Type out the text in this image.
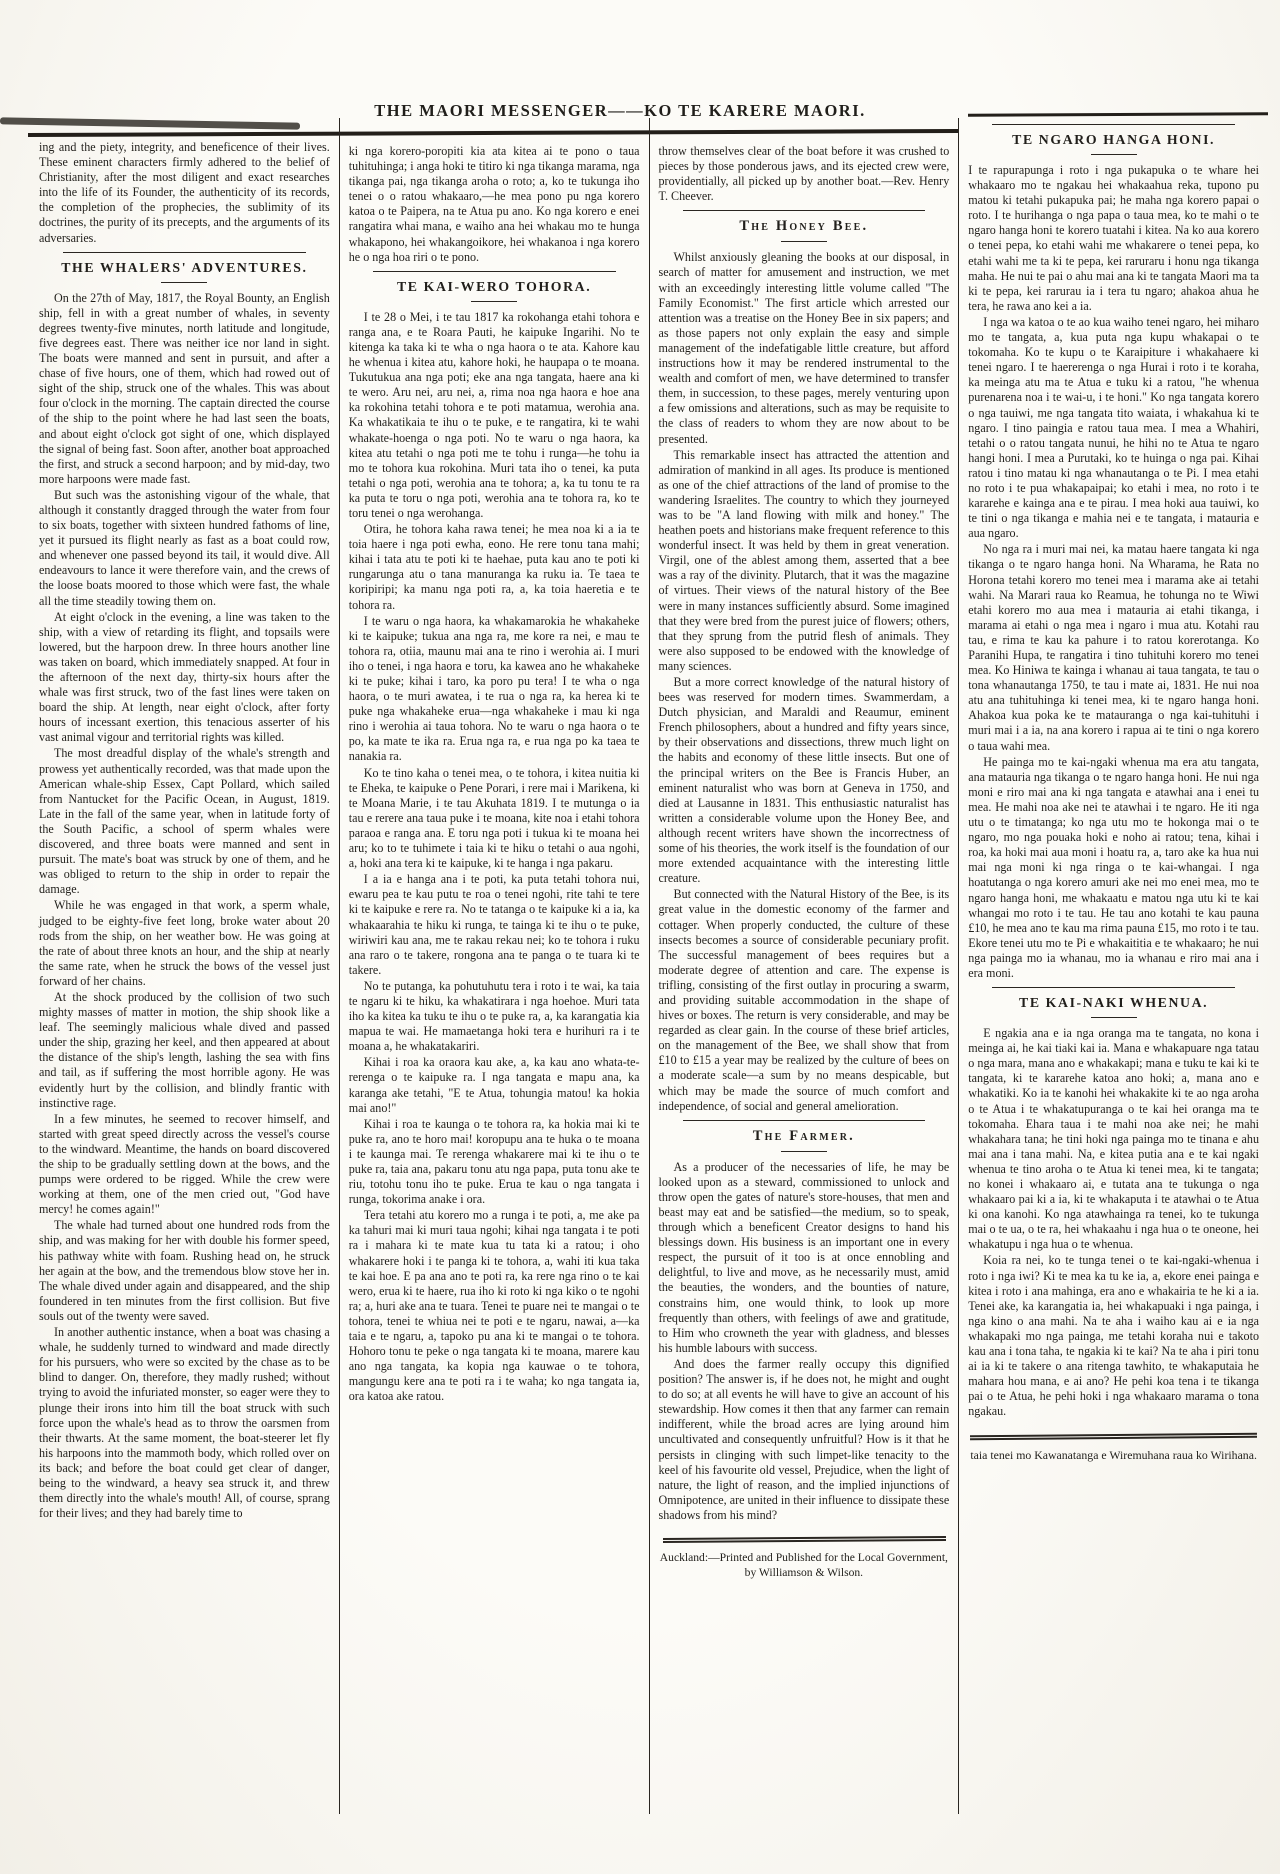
THE MAORI MESSENGER——KO TE KARERE MAORI.

ing and the piety, integrity, and beneficence of their lives. These eminent characters firmly adhered to the belief of Christianity, after the most diligent and exact researches into the life of its Founder, the authenticity of its records, the completion of the prophecies, the sublimity of its doctrines, the purity of its precepts, and the arguments of its adversaries.

THE WHALERS' ADVENTURES.

On the 27th of May, 1817, the Royal Bounty, an English ship, fell in with a great number of whales, in seventy degrees twenty-five minutes, north latitude and longitude, five degrees east. There was neither ice nor land in sight. The boats were manned and sent in pursuit, and after a chase of five hours, one of them, which had rowed out of sight of the ship, struck one of the whales. This was about four o'clock in the morning. The captain directed the course of the ship to the point where he had last seen the boats, and about eight o'clock got sight of one, which displayed the signal of being fast. Soon after, another boat approached the first, and struck a second harpoon; and by mid-day, two more harpoons were made fast.

But such was the astonishing vigour of the whale, that although it constantly dragged through the water from four to six boats, together with sixteen hundred fathoms of line, yet it pursued its flight nearly as fast as a boat could row, and whenever one passed beyond its tail, it would dive. All endeavours to lance it were therefore vain, and the crews of the loose boats moored to those which were fast, the whale all the time steadily towing them on.

At eight o'clock in the evening, a line was taken to the ship, with a view of retarding its flight, and topsails were lowered, but the harpoon drew. In three hours another line was taken on board, which immediately snapped. At four in the afternoon of the next day, thirty-six hours after the whale was first struck, two of the fast lines were taken on board the ship. At length, near eight o'clock, after forty hours of incessant exertion, this tenacious asserter of his vast animal vigour and territorial rights was killed.

The most dreadful display of the whale's strength and prowess yet authentically recorded, was that made upon the American whale-ship Essex, Capt Pollard, which sailed from Nantucket for the Pacific Ocean, in August, 1819. Late in the fall of the same year, when in latitude forty of the South Pacific, a school of sperm whales were discovered, and three boats were manned and sent in pursuit. The mate's boat was struck by one of them, and he was obliged to return to the ship in order to repair the damage.

While he was engaged in that work, a sperm whale, judged to be eighty-five feet long, broke water about 20 rods from the ship, on her weather bow. He was going at the rate of about three knots an hour, and the ship at nearly the same rate, when he struck the bows of the vessel just forward of her chains.

At the shock produced by the collision of two such mighty masses of matter in motion, the ship shook like a leaf. The seemingly malicious whale dived and passed under the ship, grazing her keel, and then appeared at about the distance of the ship's length, lashing the sea with fins and tail, as if suffering the most horrible agony. He was evidently hurt by the collision, and blindly frantic with instinctive rage.

In a few minutes, he seemed to recover himself, and started with great speed directly across the vessel's course to the windward. Meantime, the hands on board discovered the ship to be gradually settling down at the bows, and the pumps were ordered to be rigged. While the crew were working at them, one of the men cried out, "God have mercy! he comes again!"

The whale had turned about one hundred rods from the ship, and was making for her with double his former speed, his pathway white with foam. Rushing head on, he struck her again at the bow, and the tremendous blow stove her in. The whale dived under again and disappeared, and the ship foundered in ten minutes from the first collision. But five souls out of the twenty were saved.

In another authentic instance, when a boat was chasing a whale, he suddenly turned to windward and made directly for his pursuers, who were so excited by the chase as to be blind to danger. On, therefore, they madly rushed; without trying to avoid the infuriated monster, so eager were they to plunge their irons into him till the boat struck with such force upon the whale's head as to throw the oarsmen from their thwarts. At the same moment, the boat-steerer let fly his harpoons into the mammoth body, which rolled over on its back; and before the boat could get clear of danger, being to the windward, a heavy sea struck it, and threw them directly into the whale's mouth! All, of course, sprang for their lives; and they had barely time to

ki nga korero-poropiti kia ata kitea ai te pono o taua tuhituhinga; i anga hoki te titiro ki nga tikanga marama, nga tikanga pai, nga tikanga aroha o roto; a, ko te tukunga iho tenei o o ratou whakaaro,—he mea pono pu nga korero katoa o te Paipera, na te Atua pu ano. Ko nga korero e enei rangatira whai mana, e waiho ana hei whakau mo te hunga whakapono, hei whakangoikore, hei whakanoa i nga korero he o nga hoa riri o te pono.

TE KAI-WERO TOHORA.

I te 28 o Mei, i te tau 1817 ka rokohanga etahi tohora e ranga ana, e te Roara Pauti, he kaipuke Ingarihi. No te kitenga ka taka ki te wha o nga haora o te ata. Kahore kau he whenua i kitea atu, kahore hoki, he haupapa o te moana. Tukutukua ana nga poti; eke ana nga tangata, haere ana ki te wero. Aru nei, aru nei, a, rima noa nga haora e hoe ana ka rokohina tetahi tohora e te poti matamua, werohia ana. Ka whakatikaia te ihu o te puke, e te rangatira, ki te wahi whakate-hoenga o nga poti. No te waru o nga haora, ka kitea atu tetahi o nga poti me te tohu i runga—he tohu ia mo te tohora kua rokohina. Muri tata iho o tenei, ka puta tetahi o nga poti, werohia ana te tohora; a, ka tu tonu te ra ka puta te toru o nga poti, werohia ana te tohora ra, ko te toru tenei o nga werohanga.

Otira, he tohora kaha rawa tenei; he mea noa ki a ia te toia haere i nga poti ewha, eono. He rere tonu tana mahi; kihai i tata atu te poti ki te haehae, puta kau ano te poti ki rungarunga atu o tana manuranga ka ruku ia. Te taea te koripiripi; ka manu nga poti ra, a, ka toia haeretia e te tohora ra.

I te waru o nga haora, ka whakamarokia he whakaheke ki te kaipuke; tukua ana nga ra, me kore ra nei, e mau te tohora ra, otiia, maunu mai ana te rino i werohia ai. I muri iho o tenei, i nga haora e toru, ka kawea ano he whakaheke ki te puke; kihai i taro, ka poro pu tera! I te wha o nga haora, o te muri awatea, i te rua o nga ra, ka herea ki te puke nga whakaheke erua—nga whakaheke i mau ki nga rino i werohia ai taua tohora. No te waru o nga haora o te po, ka mate te ika ra. Erua nga ra, e rua nga po ka taea te nanakia ra.

Ko te tino kaha o tenei mea, o te tohora, i kitea nuitia ki te Eheka, te kaipuke o Pene Porari, i rere mai i Marikena, ki te Moana Marie, i te tau Akuhata 1819. I te mutunga o ia tau e rerere ana taua puke i te moana, kite noa i etahi tohora paraoa e ranga ana. E toru nga poti i tukua ki te moana hei aru; ko to te tuhimete i taia ki te hiku o tetahi o aua ngohi, a, hoki ana tera ki te kaipuke, ki te hanga i nga pakaru.

I a ia e hanga ana i te poti, ka puta tetahi tohora nui, ewaru pea te kau putu te roa o tenei ngohi, rite tahi te tere ki te kaipuke e rere ra. No te tatanga o te kaipuke ki a ia, ka whakaarahia te hiku ki runga, te tainga ki te ihu o te puke, wiriwiri kau ana, me te rakau rekau nei; ko te tohora i ruku ana raro o te takere, rongona ana te panga o te tuara ki te takere.

No te putanga, ka pohutuhutu tera i roto i te wai, ka taia te ngaru ki te hiku, ka whakatirara i nga hoehoe. Muri tata iho ka kitea ka tuku te ihu o te puke ra, a, ka karangatia kia mapua te wai. He mamaetanga hoki tera e hurihuri ra i te moana a, he whakatakariri.

Kihai i roa ka oraora kau ake, a, ka kau ano whata-te-rerenga o te kaipuke ra. I nga tangata e mapu ana, ka karanga ake tetahi, "E te Atua, tohungia matou! ka hokia mai ano!"

Kihai i roa te kaunga o te tohora ra, ka hokia mai ki te puke ra, ano te horo mai! koropupu ana te huka o te moana i te kaunga mai. Te rerenga whakarere mai ki te ihu o te puke ra, taia ana, pakaru tonu atu nga papa, puta tonu ake te riu, totohu tonu iho te puke. Erua te kau o nga tangata i runga, tokorima anake i ora.

Tera tetahi atu korero mo a runga i te poti, a, me ake pa ka tahuri mai ki muri taua ngohi; kihai nga tangata i te poti ra i mahara ki te mate kua tu tata ki a ratou; i oho whakarere hoki i te panga ki te tohora, a, wahi iti kua taka te kai hoe. E pa ana ano te poti ra, ka rere nga rino o te kai wero, erua ki te haere, rua iho ki roto ki nga kiko o te ngohi ra; a, huri ake ana te tuara. Tenei te puare nei te mangai o te tohora, tenei te whiua nei te poti e te ngaru, nawai, a—ka taia e te ngaru, a, tapoko pu ana ki te mangai o te tohora. Hohoro tonu te peke o nga tangata ki te moana, marere kau ano nga tangata, ka kopia nga kauwae o te tohora, mangungu kere ana te poti ra i te waha; ko nga tangata ia, ora katoa ake ratou.

throw themselves clear of the boat before it was crushed to pieces by those ponderous jaws, and its ejected crew were, providentially, all picked up by another boat.—Rev. Henry T. Cheever.

The Honey Bee.

Whilst anxiously gleaning the books at our disposal, in search of matter for amusement and instruction, we met with an exceedingly interesting little volume called "The Family Economist." The first article which arrested our attention was a treatise on the Honey Bee in six papers; and as those papers not only explain the easy and simple management of the indefatigable little creature, but afford instructions how it may be rendered instrumental to the wealth and comfort of men, we have determined to transfer them, in succession, to these pages, merely venturing upon a few omissions and alterations, such as may be requisite to the class of readers to whom they are now about to be presented.

This remarkable insect has attracted the attention and admiration of mankind in all ages. Its produce is mentioned as one of the chief attractions of the land of promise to the wandering Israelites. The country to which they journeyed was to be "A land flowing with milk and honey." The heathen poets and historians make frequent reference to this wonderful insect. It was held by them in great veneration. Virgil, one of the ablest among them, asserted that a bee was a ray of the divinity. Plutarch, that it was the magazine of virtues. Their views of the natural history of the Bee were in many instances sufficiently absurd. Some imagined that they were bred from the purest juice of flowers; others, that they sprung from the putrid flesh of animals. They were also supposed to be endowed with the knowledge of many sciences.

But a more correct knowledge of the natural history of bees was reserved for modern times. Swammerdam, a Dutch physician, and Maraldi and Reaumur, eminent French philosophers, about a hundred and fifty years since, by their observations and dissections, threw much light on the habits and economy of these little insects. But one of the principal writers on the Bee is Francis Huber, an eminent naturalist who was born at Geneva in 1750, and died at Lausanne in 1831. This enthusiastic naturalist has written a considerable volume upon the Honey Bee, and although recent writers have shown the incorrectness of some of his theories, the work itself is the foundation of our more extended acquaintance with the interesting little creature.

But connected with the Natural History of the Bee, is its great value in the domestic economy of the farmer and cottager. When properly conducted, the culture of these insects becomes a source of considerable pecuniary profit. The successful management of bees requires but a moderate degree of attention and care. The expense is trifling, consisting of the first outlay in procuring a swarm, and providing suitable accommodation in the shape of hives or boxes. The return is very considerable, and may be regarded as clear gain. In the course of these brief articles, on the management of the Bee, we shall show that from £10 to £15 a year may be realized by the culture of bees on a moderate scale—a sum by no means despicable, but which may be made the source of much comfort and independence, of social and general amelioration.

The Farmer.

As a producer of the necessaries of life, he may be looked upon as a steward, commissioned to unlock and throw open the gates of nature's store-houses, that men and beast may eat and be satisfied—the medium, so to speak, through which a beneficent Creator designs to hand his blessings down. His business is an important one in every respect, the pursuit of it too is at once ennobling and delightful, to live and move, as he necessarily must, amid the beauties, the wonders, and the bounties of nature, constrains him, one would think, to look up more frequently than others, with feelings of awe and gratitude, to Him who crowneth the year with gladness, and blesses his humble labours with success.

And does the farmer really occupy this dignified position? The answer is, if he does not, he might and ought to do so; at all events he will have to give an account of his stewardship. How comes it then that any farmer can remain indifferent, while the broad acres are lying around him uncultivated and consequently unfruitful? How is it that he persists in clinging with such limpet-like tenacity to the keel of his favourite old vessel, Prejudice, when the light of nature, the light of reason, and the implied injunctions of Omnipotence, are united in their influence to dissipate these shadows from his mind?

Auckland:—Printed and Published for the Local Government, by Williamson & Wilson.
TE NGARO HANGA HONI.

I te rapurapunga i roto i nga pukapuka o te whare hei whakaaro mo te ngakau hei whakaahua reka, tupono pu matou ki tetahi pukapuka pai; he maha nga korero papai o roto. I te hurihanga o nga papa o taua mea, ko te mahi o te ngaro hanga honi te korero tuatahi i kitea. Na ko aua korero o tenei pepa, ko etahi wahi me whakarere o tenei pepa, ko etahi wahi me ta ki te pepa, kei raruraru i honu nga tikanga maha. He nui te pai o ahu mai ana ki te tangata Maori ma ta ki te pepa, kei rarurau ia i tera tu ngaro; ahakoa ahua he tera, he rawa ano kei a ia.

I nga wa katoa o te ao kua waiho tenei ngaro, hei miharo mo te tangata, a, kua puta nga kupu whakapai o te tokomaha. Ko te kupu o te Karaipiture i whakahaere ki tenei ngaro. I te haererenga o nga Hurai i roto i te koraha, ka meinga atu ma te Atua e tuku ki a ratou, "he whenua purenarena noa i te wai-u, i te honi." Ko nga tangata korero o nga tauiwi, me nga tangata tito waiata, i whakahua ki te ngaro. I tino paingia e ratou taua mea. I mea a Whahiri, tetahi o o ratou tangata nunui, he hihi no te Atua te ngaro hangi honi. I mea a Purutaki, ko te huinga o nga pai. Kihai ratou i tino matau ki nga whanautanga o te Pi. I mea etahi no roto i te pua whakapaipai; ko etahi i mea, no roto i te kararehe e kainga ana e te pirau. I mea hoki aua tauiwi, ko te tini o nga tikanga e mahia nei e te tangata, i matauria e aua ngaro.

No nga ra i muri mai nei, ka matau haere tangata ki nga tikanga o te ngaro hanga honi. Na Wharama, he Rata no Horona tetahi korero mo tenei mea i marama ake ai tetahi wahi. Na Marari raua ko Reamua, he tohunga no te Wiwi etahi korero mo aua mea i matauria ai etahi tikanga, i marama ai etahi o nga mea i ngaro i mua atu. Kotahi rau tau, e rima te kau ka pahure i to ratou korerotanga. Ko Paranihi Hupa, te rangatira i tino tuhituhi korero mo tenei mea. Ko Hiniwa te kainga i whanau ai taua tangata, te tau o tona whanautanga 1750, te tau i mate ai, 1831. He nui noa atu ana tuhituhinga ki tenei mea, ki te ngaro hanga honi. Ahakoa kua poka ke te matauranga o nga kai-tuhituhi i muri mai i a ia, na ana korero i rapua ai te tini o nga korero o taua wahi mea.

He painga mo te kai-ngaki whenua ma era atu tangata, ana matauria nga tikanga o te ngaro hanga honi. He nui nga moni e riro mai ana ki nga tangata e atawhai ana i enei tu mea. He mahi noa ake nei te atawhai i te ngaro. He iti nga utu o te timatanga; ko nga utu mo te hokonga mai o te ngaro, mo nga pouaka hoki e noho ai ratou; tena, kihai i roa, ka hoki mai aua moni i hoatu ra, a, taro ake ka hua nui mai nga moni ki nga ringa o te kai-whangai. I nga hoatutanga o nga korero amuri ake nei mo enei mea, mo te ngaro hanga honi, me whakaatu e matou nga utu ki te kai whangai mo roto i te tau. He tau ano kotahi te kau pauna £10, he mea ano te kau ma rima pauna £15, mo roto i te tau. Ekore tenei utu mo te Pi e whakaititia e te whakaaro; he nui nga painga mo ia whanau, mo ia whanau e riro mai ana i era moni.

TE KAI-NAKI WHENUA.

E ngakia ana e ia nga oranga ma te tangata, no kona i meinga ai, he kai tiaki kai ia. Mana e whakapuare nga tatau o nga mara, mana ano e whakakapi; mana e tuku te kai ki te tangata, ki te kararehe katoa ano hoki; a, mana ano e whakatiki. Ko ia te kanohi hei whakakite ki te ao nga aroha o te Atua i te whakatupuranga o te kai hei oranga ma te tokomaha. Ehara taua i te mahi noa ake nei; he mahi whakahara tana; he tini hoki nga painga mo te tinana e ahu mai ana i tana mahi. Na, e kitea putia ana e te kai ngaki whenua te tino aroha o te Atua ki tenei mea, ki te tangata; no konei i whakaaro ai, e tutata ana te tukunga o nga whakaaro pai ki a ia, ki te whakaputa i te atawhai o te Atua ki ona kanohi. Ko nga atawhainga ra tenei, ko te tukunga mai o te ua, o te ra, hei whakaahu i nga hua o te oneone, hei whakatupu i nga hua o te whenua.

Koia ra nei, ko te tunga tenei o te kai-ngaki-whenua i roto i nga iwi? Ki te mea ka tu ke ia, a, ekore enei painga e kitea i roto i ana mahinga, era ano e whakairia te he ki a ia. Tenei ake, ka karangatia ia, hei whakapuaki i nga painga, i nga kino o ana mahi. Na te aha i waiho kau ai e ia nga whakapaki mo nga painga, me tetahi koraha nui e takoto kau ana i tona taha, te ngakia ki te kai? Na te aha i piri tonu ai ia ki te takere o ana ritenga tawhito, te whakaputaia he mahara hou mana, e ai ano? He pehi koa tena i te tikanga pai o te Atua, he pehi hoki i nga whakaaro marama o tona ngakau.

taia tenei mo Kawanatanga e Wiremuhana raua ko Wirihana.
